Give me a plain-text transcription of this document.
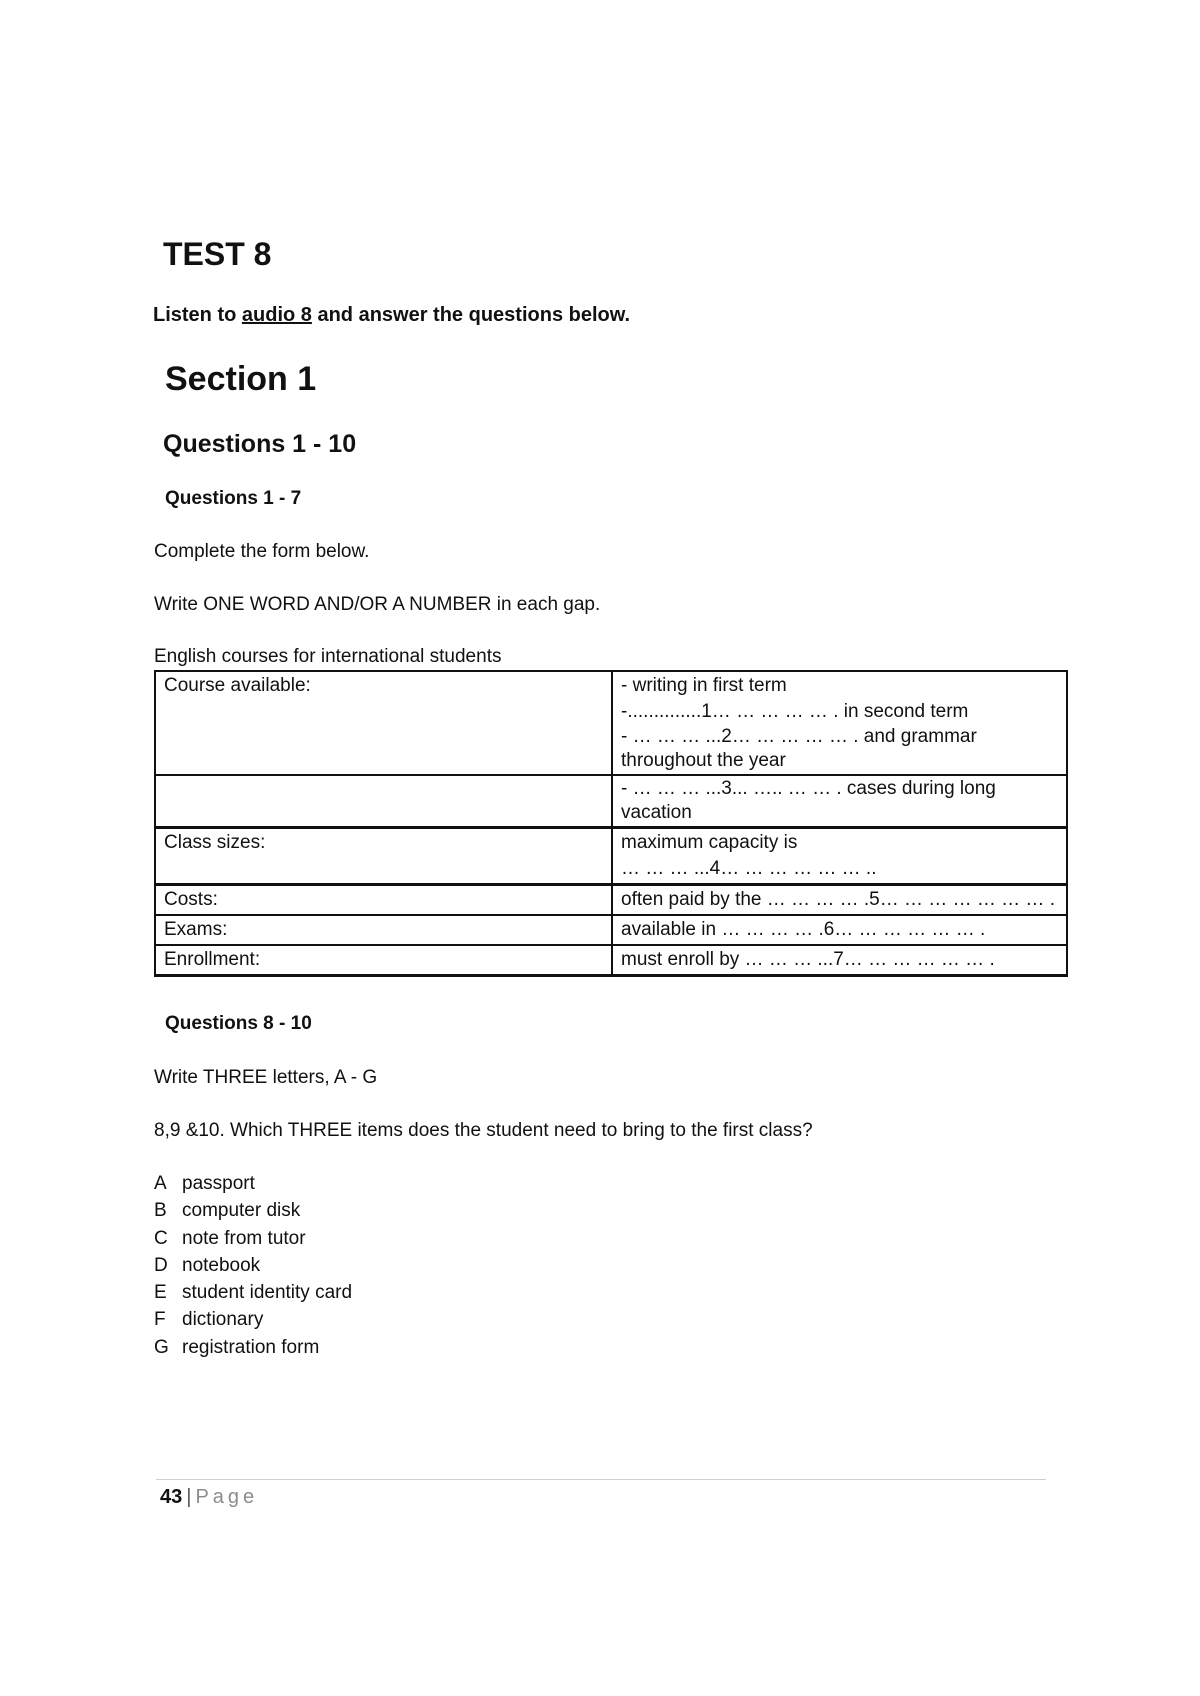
TEST 8

Listen to audio 8 and answer the questions below.

Section 1
Questions 1 - 10
Questions 1 - 7

Complete the form below.

Write ONE WORD AND/OR A NUMBER in each gap.

English courses for international students

Course available:	- writing in first term
-..............1… … … … … . in second term
- … … … ...2… … … … … . and grammar throughout the year

	- … … … ...3... ….. … … . cases during long vacation

Class sizes:	maximum capacity is
… … … ...4… … … … … … ..

Costs:	often paid by the … … … … .5… … … … … … … .

Exams:	available in … … … … .6… … … … … … .

Enrollment:	must enroll by … … … ...7… … … … … … .
Questions 8 - 10

Write THREE letters, A - G

8,9 &10. Which THREE items does the student need to bring to the first class?

A passport
B computer disk
C note from tutor
D notebook
E student identity card
F dictionary
G registration form

43 | Page
